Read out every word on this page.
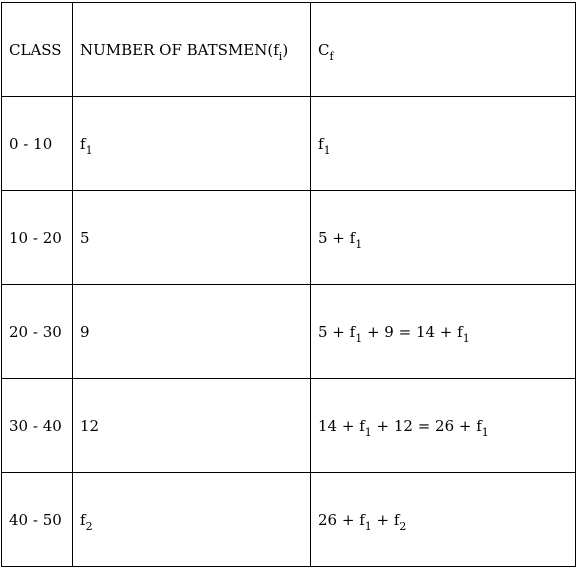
CLASS	NUMBER OF $BATSMEN(f_i)$	$C_f$
0 - 10	$f_1$	$f_1$
10 - 20	5	$5 + f_1$
20 - 30	9	$5 + f_1 + 9 = 14 + f_1$
30 - 40	12	$14 + f_1 + 12 = 26 + f_1$
40 - 50	$f_2$	$26 + f_1 + f_2$
